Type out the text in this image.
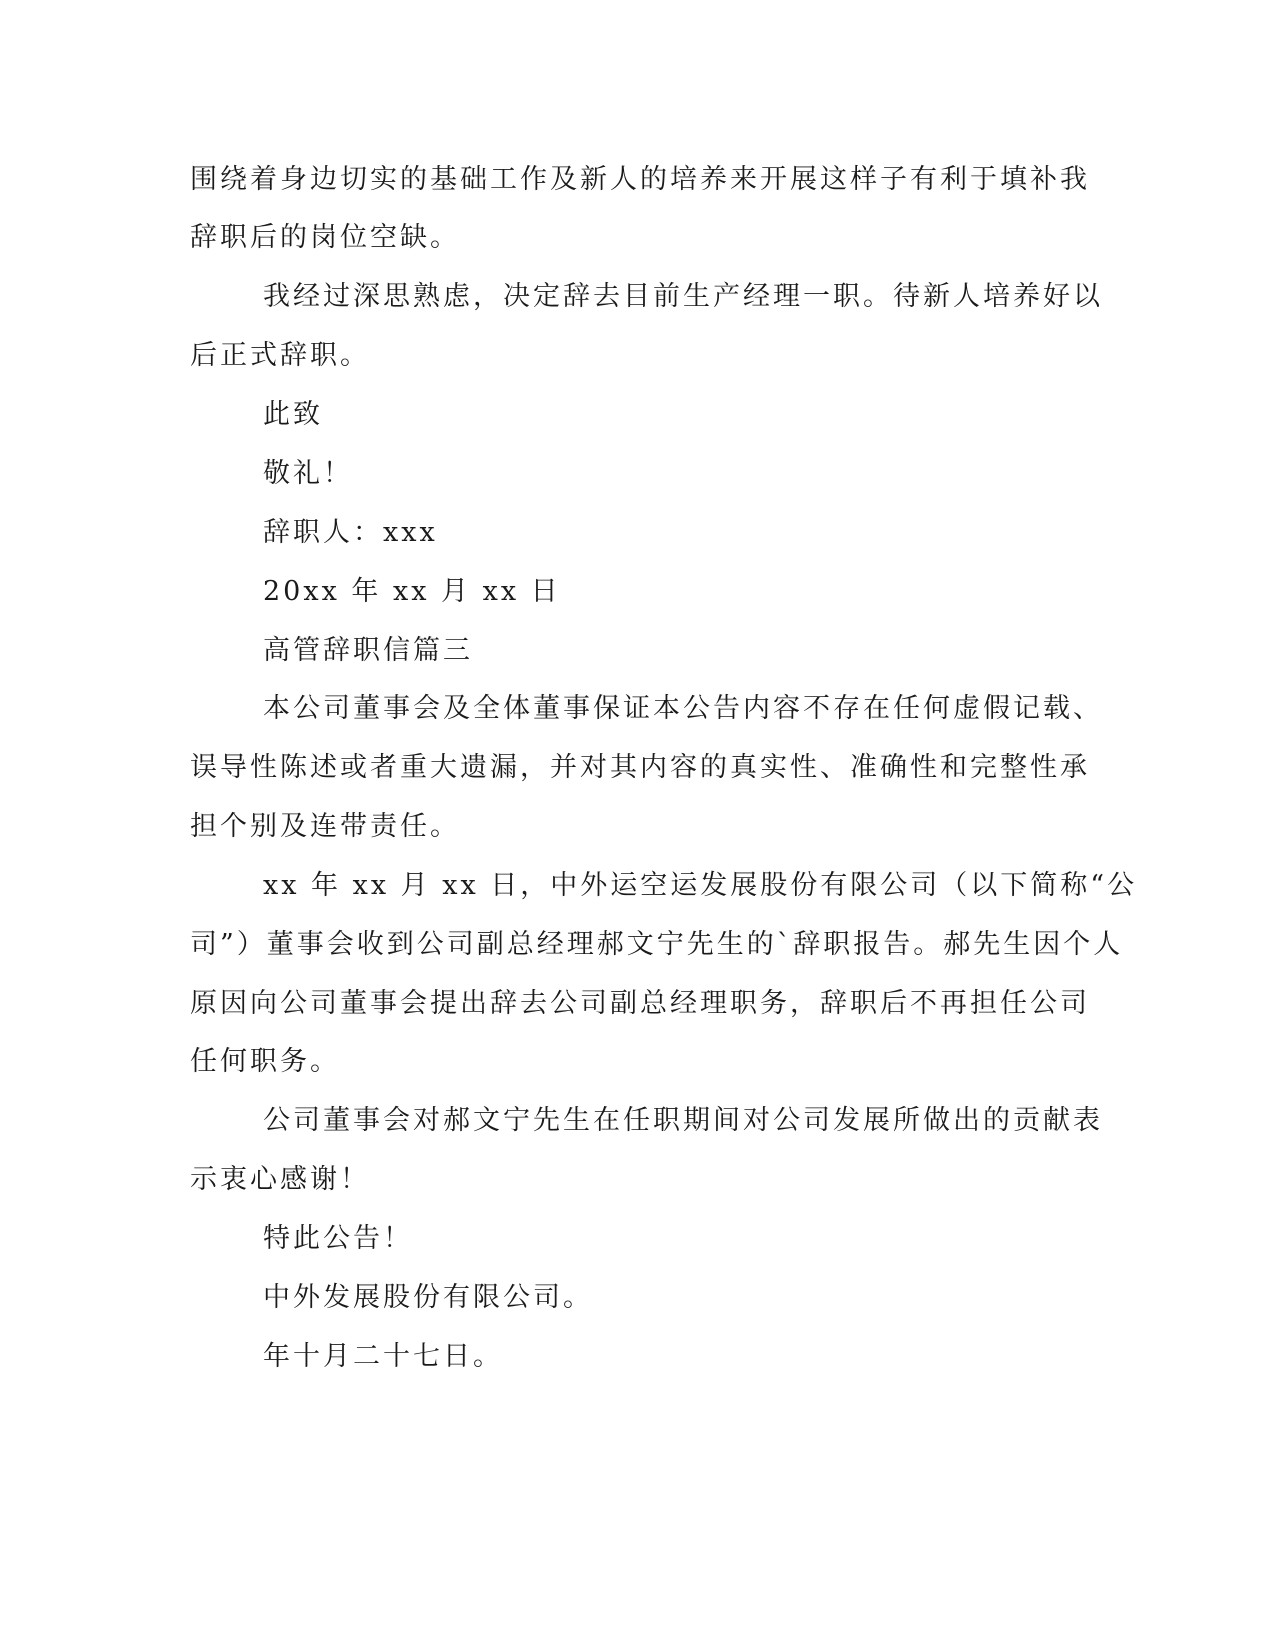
围绕着身边切实的基础工作及新人的培养来开展这样子有利于填补我
辞职后的岗位空缺。
我经过深思熟虑，决定辞去目前生产经理一职。待新人培养好以
后正式辞职。
此致
敬礼！
辞职人：xxx
20xx 年 xx 月 xx 日
高管辞职信篇三
本公司董事会及全体董事保证本公告内容不存在任何虚假记载、
误导性陈述或者重大遗漏，并对其内容的真实性、准确性和完整性承
担个别及连带责任。
xx 年 xx 月 xx 日，中外运空运发展股份有限公司（以下简称“公
司”）董事会收到公司副总经理郝文宁先生的`辞职报告。郝先生因个人
原因向公司董事会提出辞去公司副总经理职务，辞职后不再担任公司
任何职务。
公司董事会对郝文宁先生在任职期间对公司发展所做出的贡献表
示衷心感谢！
特此公告！
中外发展股份有限公司。
年十月二十七日。
